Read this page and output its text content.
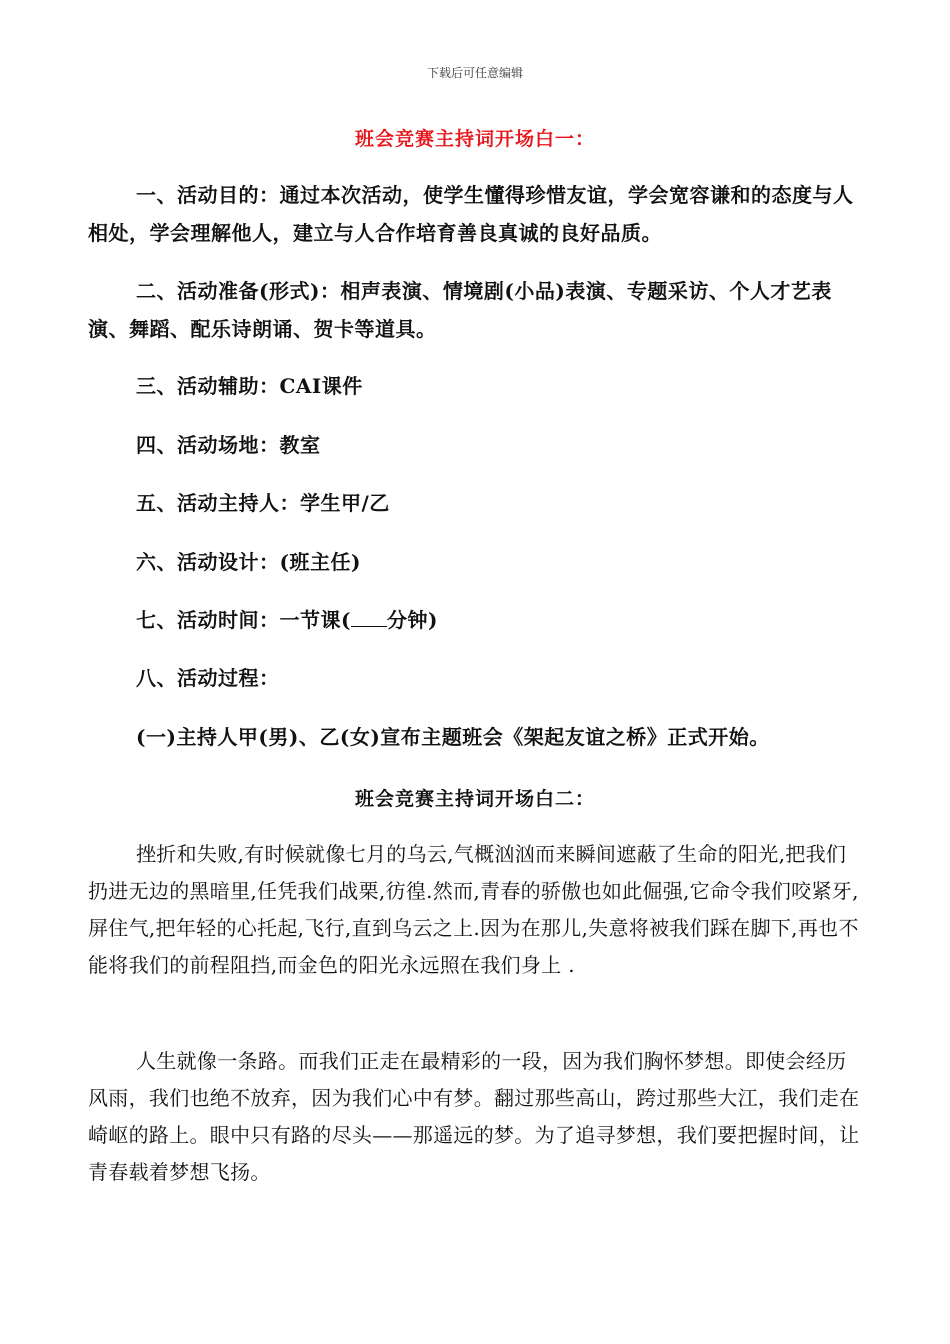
下载后可任意编辑
班会竞赛主持词开场白一：

一、活动目的：通过本次活动，使学生懂得珍惜友谊，学会宽容谦和的态度与人相处，学会理解他人，建立与人合作培育善良真诚的良好品质。

二、活动准备(形式)：相声表演、情境剧(小品)表演、专题采访、个人才艺表演、舞蹈、配乐诗朗诵、贺卡等道具。

三、活动辅助：CAI课件

四、活动场地：教室

五、活动主持人：学生甲/乙

六、活动设计：(班主任)

七、活动时间：一节课( 分钟)

八、活动过程：

(一)主持人甲(男)、乙(女)宣布主题班会《架起友谊之桥》正式开始。

班会竞赛主持词开场白二：

挫折和失败,有时候就像七月的乌云,气概汹汹而来瞬间遮蔽了生命的阳光,把我们扔进无边的黑暗里,任凭我们战栗,彷徨.然而,青春的骄傲也如此倔强,它命令我们咬紧牙,屏住气,把年轻的心托起,飞行,直到乌云之上.因为在那儿,失意将被我们踩在脚下,再也不能将我们的前程阻挡,而金色的阳光永远照在我们身上 .

人生就像一条路。而我们正走在最精彩的一段，因为我们胸怀梦想。即使会经历风雨，我们也绝不放弃，因为我们心中有梦。翻过那些高山，跨过那些大江，我们走在崎岖的路上。眼中只有路的尽头——那遥远的梦。为了追寻梦想，我们要把握时间，让青春载着梦想飞扬。
